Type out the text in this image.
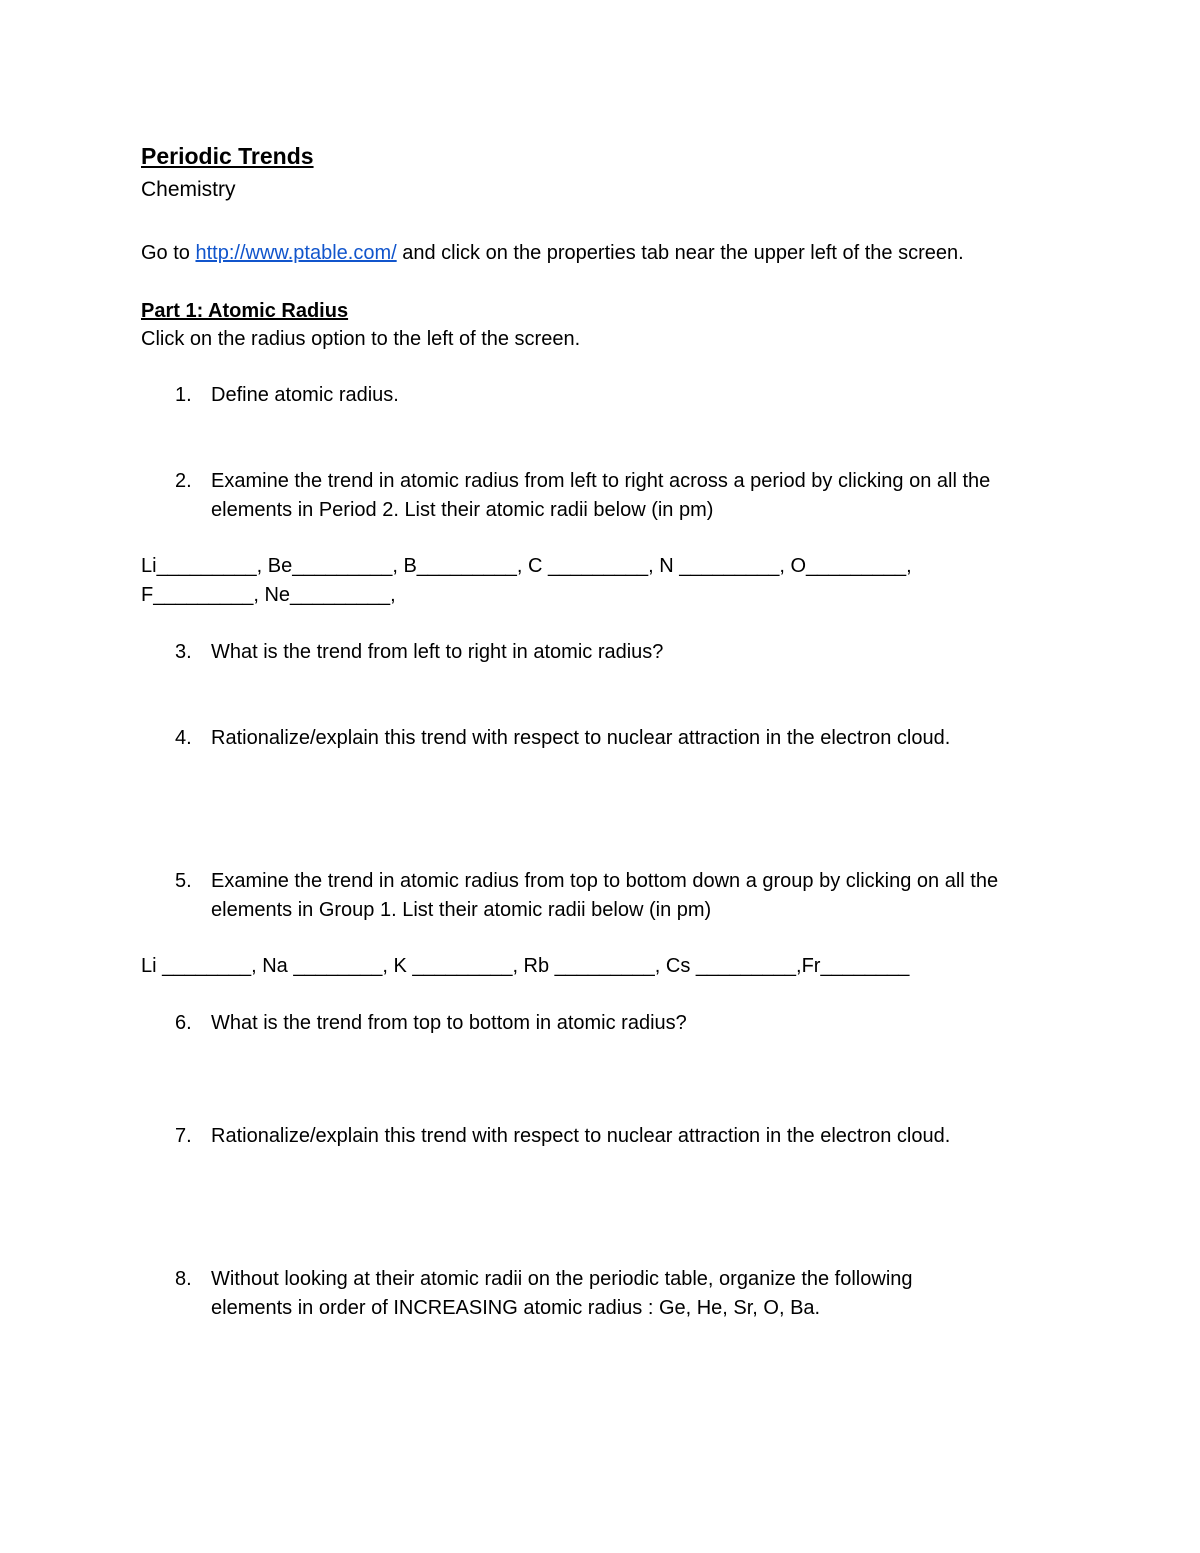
Periodic Trends
Chemistry
Go to http://www.ptable.com/ and click on the properties tab near the upper left of the screen.
Part 1: Atomic Radius
Click on the radius option to the left of the screen.
1. Define atomic radius.
2. Examine the trend in atomic radius from left to right across a period by clicking on all the elements in Period 2. List their atomic radii below (in pm)
Li_________, Be_________, B_________, C _________, N _________, O_________,
F_________, Ne_________,
3. What is the trend from left to right in atomic radius?
4. Rationalize/explain this trend with respect to nuclear attraction in the electron cloud.
5. Examine the trend in atomic radius from top to bottom down a group by clicking on all the elements in Group 1. List their atomic radii below (in pm)
Li ________, Na ________, K _________, Rb _________, Cs _________,Fr________
6. What is the trend from top to bottom in atomic radius?
7. Rationalize/explain this trend with respect to nuclear attraction in the electron cloud.
8. Without looking at their atomic radii on the periodic table, organize the following elements in order of INCREASING atomic radius : Ge, He, Sr, O, Ba.
